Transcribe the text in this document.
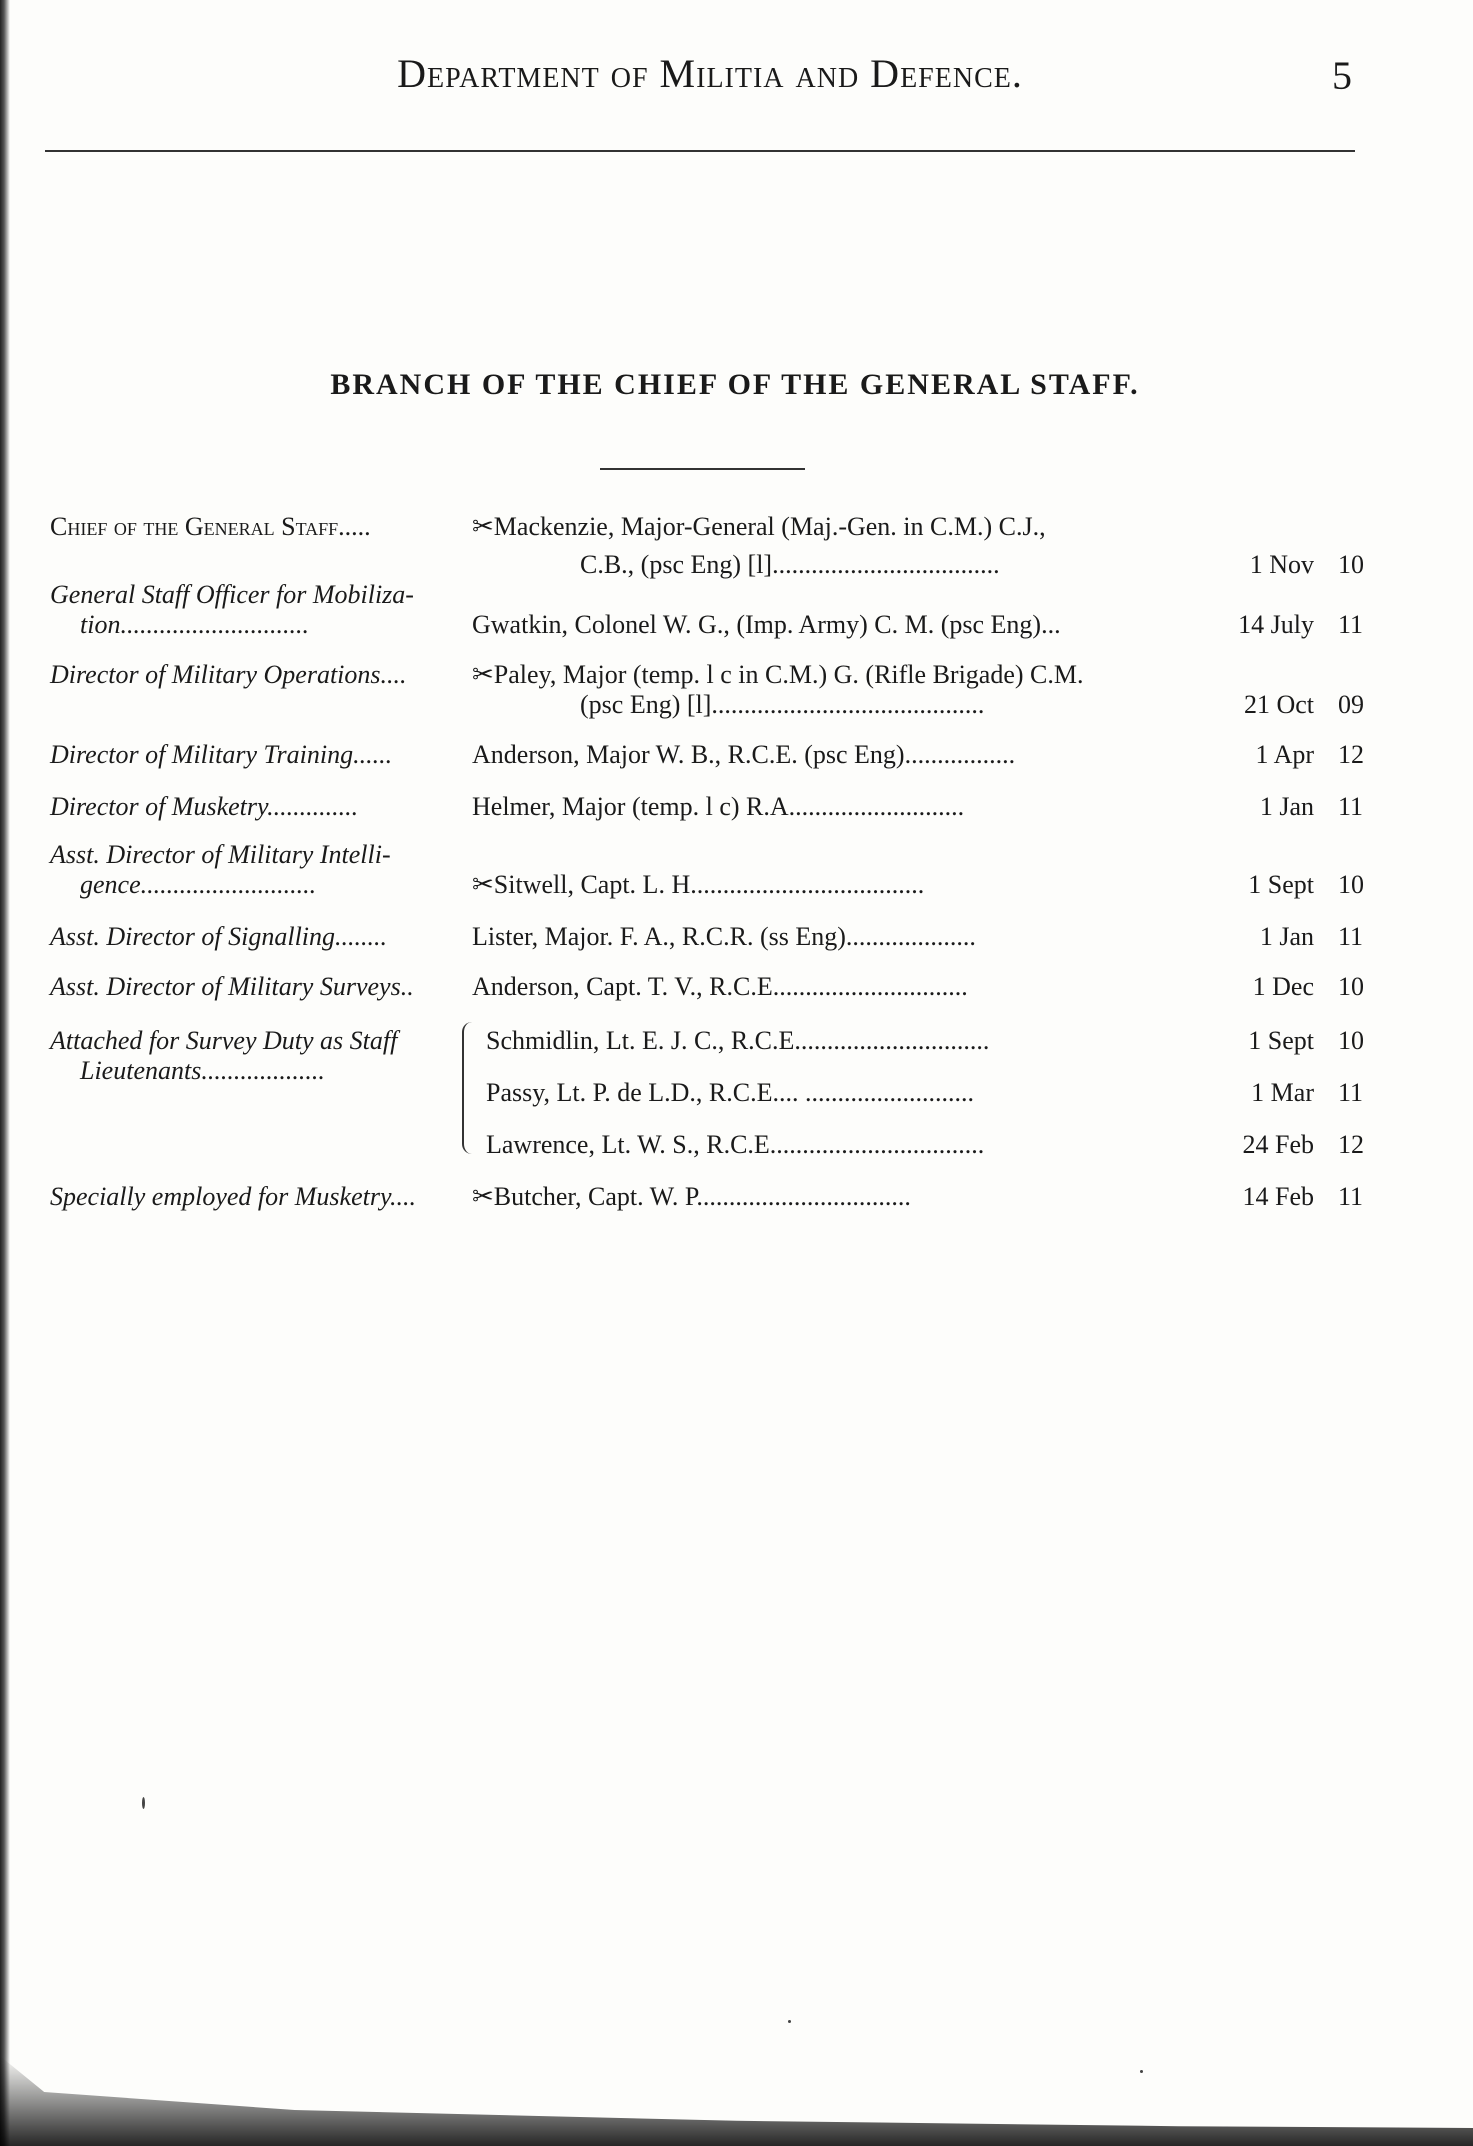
Department of Militia and Defence.	5
BRANCH OF THE CHIEF OF THE GENERAL STAFF.
Chief of the General Staff.....	✂Mackenzie, Major-General (Maj.-Gen. in C.M.) C.J.,
C.B., (psc Eng) [l]...................................	1 Nov 10
General Staff Officer for Mobiliza-
tion.............................	Gwatkin, Colonel W. G., (Imp. Army) C. M. (psc Eng)...	14 July 11
Director of Military Operations....	✂Paley, Major (temp. l c in C.M.) G. (Rifle Brigade) C.M.
(psc Eng) [l]..........................................	21 Oct 09
Director of Military Training......	Anderson, Major W. B., R.C.E. (psc Eng).................	1 Apr 12
Director of Musketry..............	Helmer, Major (temp. l c) R.A...........................	1 Jan 11
Asst. Director of Military Intelli-
gence...........................	✂Sitwell, Capt. L. H....................................	1 Sept 10
Asst. Director of Signalling........	Lister, Major. F. A., R.C.R. (ss Eng)....................	1 Jan 11
Asst. Director of Military Surveys..	Anderson, Capt. T. V., R.C.E..............................	1 Dec 10
Attached for Survey Duty as Staff
Lieutenants...................
Schmidlin, Lt. E. J. C., R.C.E..............................	1 Sept 10
Passy, Lt. P. de L.D., R.C.E.... ..........................	1 Mar 11
Lawrence, Lt. W. S., R.C.E.................................	24 Feb 12
Specially employed for Musketry....	✂Butcher, Capt. W. P.................................	14 Feb 11
